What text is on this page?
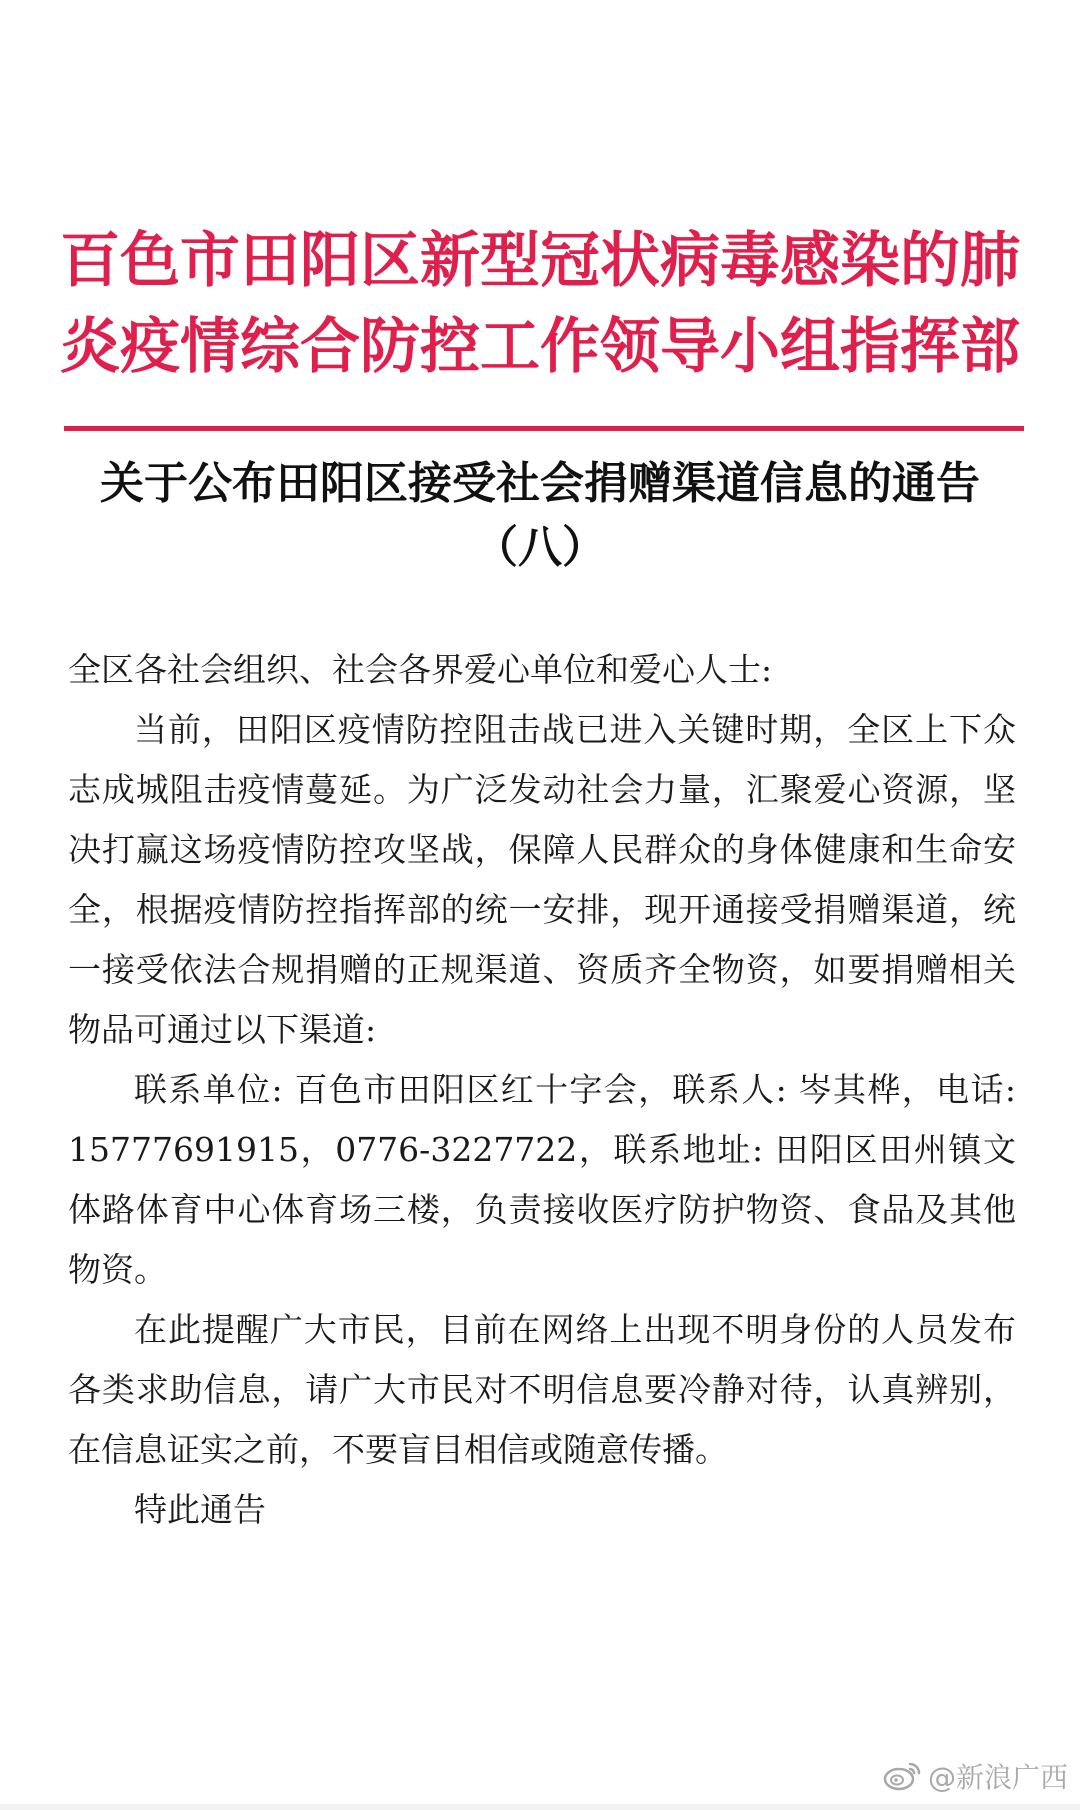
百色市田阳区新型冠状病毒感染的肺
炎疫情综合防控工作领导小组指挥部
关于公布田阳区接受社会捐赠渠道信息的通告
（八）

全区各社会组织、社会各界爱心单位和爱心人士:

当前，田阳区疫情防控阻击战已进入关键时期，全区上下众志成城阻击疫情蔓延。为广泛发动社会力量，汇聚爱心资源，坚决打赢这场疫情防控攻坚战，保障人民群众的身体健康和生命安全，根据疫情防控指挥部的统一安排，现开通接受捐赠渠道，统一接受依法合规捐赠的正规渠道、资质齐全物资，如要捐赠相关物品可通过以下渠道:

联系单位: 百色市田阳区红十字会，联系人: 岑其桦，电话: 15777691915，0776-3227722，联系地址: 田阳区田州镇文体路体育中心体育场三楼，负责接收医疗防护物资、食品及其他物资。

在此提醒广大市民，目前在网络上出现不明身份的人员发布各类求助信息，请广大市民对不明信息要冷静对待，认真辨别，在信息证实之前，不要盲目相信或随意传播。

特此通告

@新浪广西
